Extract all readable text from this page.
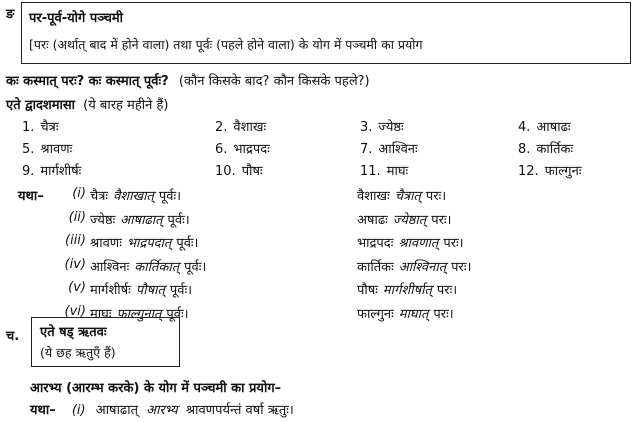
ङ पर-पूर्व-योगे पञ्चमी
[परः (अर्थात् बाद में होने वाला) तथा पूर्वः (पहले होने वाला) के योग में पञ्चमी का प्रयोग
कः कस्मात् परः? कः कस्मात् पूर्वः? (कौन किसके बाद? कौन किसके पहले?)
एते द्वादशमासा (ये बारह महीने हैं)
1. चैत्रः	2. वैशाखः	3. ज्येष्ठः	4. आषाढः
5. श्रावणः	6. भाद्रपदः	7. आश्विनः	8. कार्तिकः
9. मार्गशीर्षः	10. पौषः	11. माघः	12. फाल्गुनः
यथा– (i) चैत्रः वैशाखात् पूर्वः।	वैशाखः चैत्रात् परः।
(ii) ज्येष्ठः आषाढात् पूर्वः।	अषाढः ज्येष्ठात् परः।
(iii) श्रावणः भाद्रपदात् पूर्वः।	भाद्रपदः श्रावणात् परः।
(iv) आश्विनः कार्तिकात् पूर्वः।	कार्तिकः आश्विनात् परः।
(v) मार्गशीर्षः पौषात् पूर्वः।	पौषः मार्गशीर्षात् परः।
(vi) माघः फाल्गुनात् पूर्वः।	फाल्गुनः माघात् परः।
च. एते षड् ऋतवः
(ये छह ऋतुएँ हैं)
आरभ्य (आरम्भ करके) के योग में पञ्चमी का प्रयोग–
यथा– (i) आषाढात् आरभ्य श्रावणपर्यन्तं वर्षा ऋतुः।
